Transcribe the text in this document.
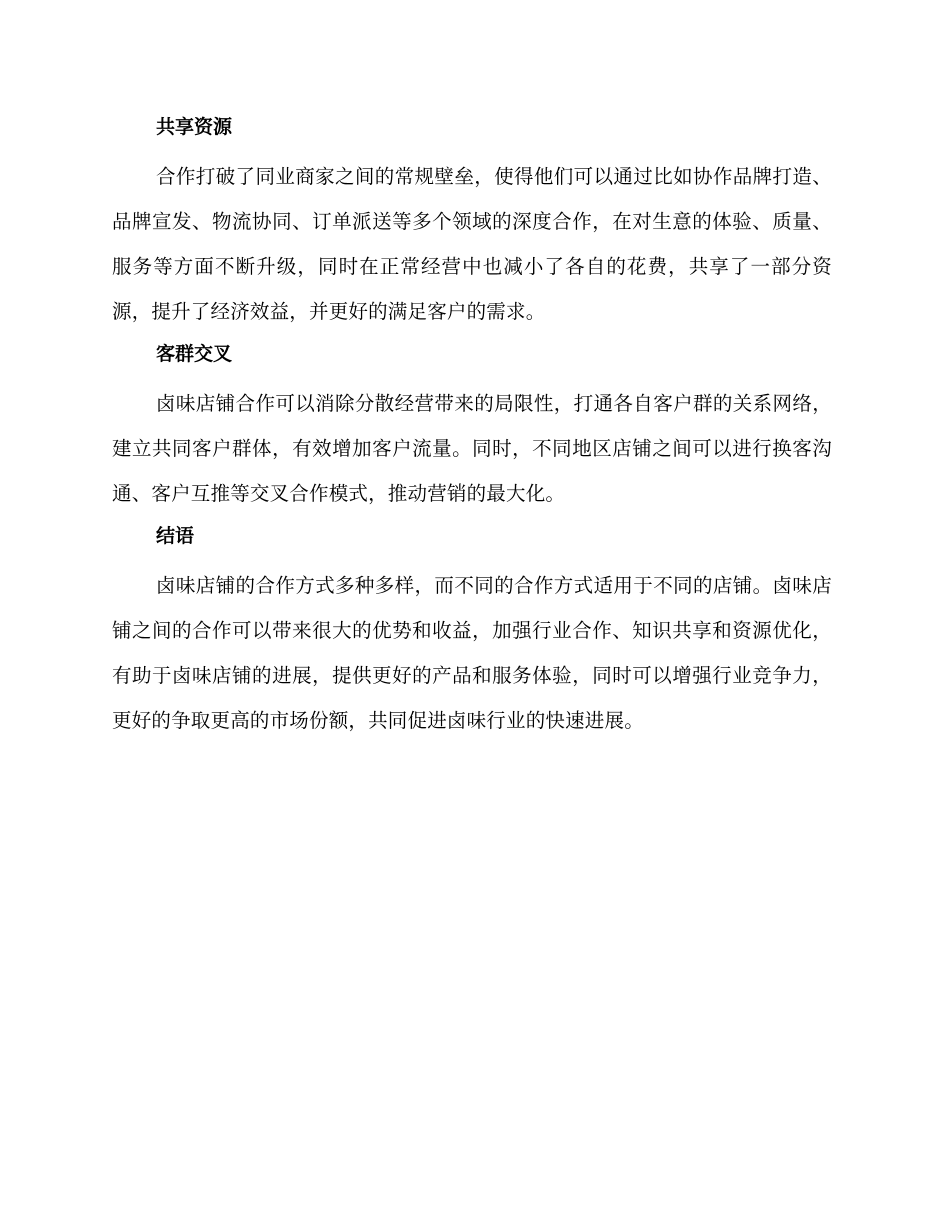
共享资源

合作打破了同业商家之间的常规壁垒，使得他们可以通过比如协作品牌打造、品牌宣发、物流协同、订单派送等多个领域的深度合作，在对生意的体验、质量、服务等方面不断升级，同时在正常经营中也减小了各自的花费，共享了一部分资源，提升了经济效益，并更好的满足客户的需求。

客群交叉

卤味店铺合作可以消除分散经营带来的局限性，打通各自客户群的关系网络，建立共同客户群体，有效增加客户流量。同时，不同地区店铺之间可以进行换客沟通、客户互推等交叉合作模式，推动营销的最大化。

结语

卤味店铺的合作方式多种多样，而不同的合作方式适用于不同的店铺。卤味店铺之间的合作可以带来很大的优势和收益，加强行业合作、知识共享和资源优化，有助于卤味店铺的进展，提供更好的产品和服务体验，同时可以增强行业竞争力，更好的争取更高的市场份额，共同促进卤味行业的快速进展。
